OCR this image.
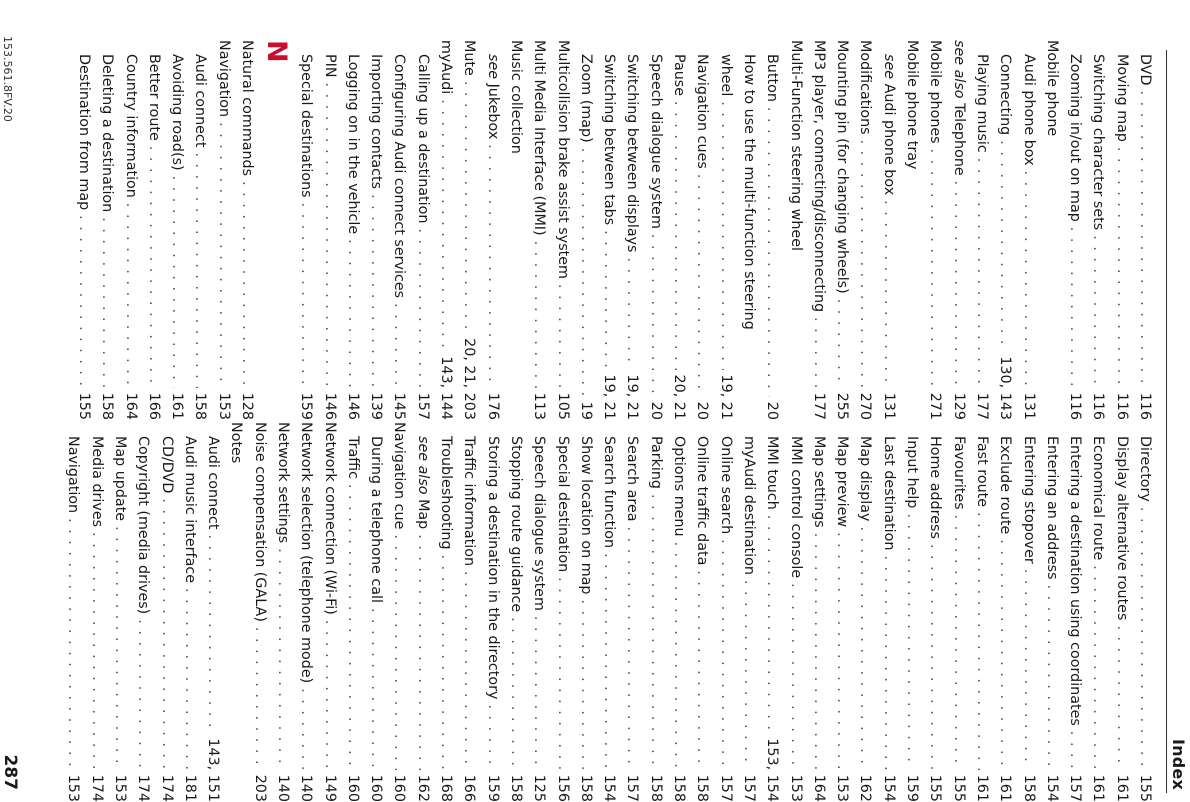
Index
DVD
. . .
116
Moving map
. . .
116
Switching character sets
. . .
116
Zooming in/out on map
. . .
116
Mobile phone
Audi phone box
. . .
131
Connecting
. . .
130, 143
Playing music
. . .
177
see also

Telephone
. . .
129
Mobile phones
. . .
271
Mobile phone tray
see

Audi phone box
. . .
131
Modifications
. . .
270
Mounting pin (for changing wheels)
. . .
255
MP3 player, connecting/disconnecting
. . .
177
Multi-Function steering wheel
Button
. . .
20
How to use the multi-function steering
wheel
. . .
19, 21
Navigation cues
. . .
20
Pause
. . .
20, 21
Speech dialogue system
. . .
20
Switching between displays
. . .
19, 21
Switching between tabs
. . .
19, 21
Zoom (map)
. . .
19
Multicollision brake assist system
. . .
105
Multi Media Interface (MMI)
. . .
113
Music collection
see

Jukebox
. . .
176
Mute
. . .
20, 21, 203
myAudi
. . .
143, 144
Calling up a destination
. . .
157
Configuring Audi connect services
. . .
145
Importing contacts
. . .
139
Logging on in the vehicle
. . .
146
PIN
. . .
146
Special destinations
. . .
159
N
Natural commands
. . .
128
Navigation
. . .
153
Audi connect
. . .
158
Avoiding road(s)
. . .
161
Better route
. . .
166
Country information
. . .
164
Deleting a destination
. . .
158
Destination from map
. . .
155
Directory
. . .
155
Display alternative routes
. . .
161
Economical route
. . .
161
Entering a destination using coordinates
. . .
157
Entering an address
. . .
154
Entering stopover
. . .
158
Exclude route
. . .
161
Fast route
. . .
161
Favourites
. . .
155
Home address
. . .
155
Input help
. . .
159
Last destination
. . .
154
Map display
. . .
162
Map preview
. . .
153
Map settings
. . .
164
MMI control console
. . .
153
MMI touch
. . .
153, 154
myAudi destination
. . .
157
Online search
. . .
157
Online traffic data
. . .
158
Options menu
. . .
158
Parking
. . .
158
Search area
. . .
157
Search function
. . .
154
Show location on map
. . .
158
Special destination
. . .
156
Speech dialogue system
. . .
125
Stopping route guidance
. . .
158
Storing a destination in the directory
. . .
159
Traffic information
. . .
166
Troubleshooting
. . .
168
see also

Map
. . .
162
Navigation cue
. . .
160
During a telephone call
. . .
160
Traffic
. . .
160
Network connection (Wi-Fi)
. . .
149
Network selection (telephone mode)
. . .
140
Network settings
. . .
140
Noise compensation (GALA)
. . .
203
Notes
Audi connect
. . .
143, 151
Audi music interface
. . .
181
CD/DVD
. . .
174
Copyright (media drives)
. . .
174
Map update
. . .
153
Media drives
. . .
174
Navigation
. . .
153
153.561.8FV.20
287
